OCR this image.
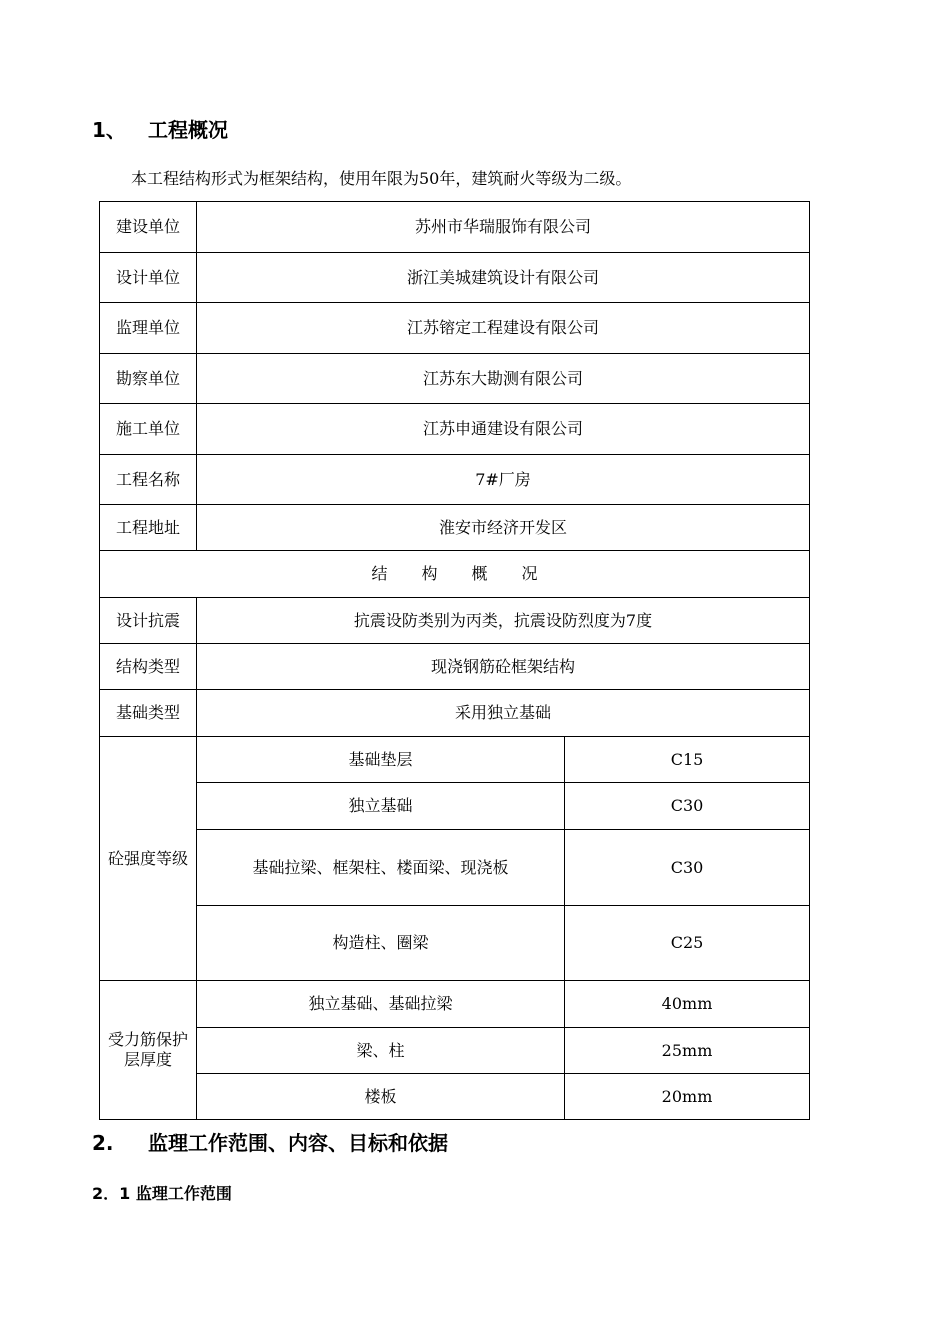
1、 工程概况
本工程结构形式为框架结构，使用年限为50年，建筑耐火等级为二级。
建设单位	苏州市华瑞服饰有限公司	
设计单位	浙江美城建筑设计有限公司	
监理单位	江苏镕定工程建设有限公司	
勘察单位	江苏东大勘测有限公司	
施工单位	江苏申通建设有限公司	
工程名称	7#厂房	
工程地址	淮安市经济开发区	
结构概况		
设计抗震	抗震设防类别为丙类，抗震设防烈度为7度	
结构类型	现浇钢筋砼框架结构	
基础类型	采用独立基础	
砼强度等级	基础垫层	C15
	独立基础	C30
	基础拉梁、框架柱、楼面梁、现浇板	C30
	构造柱、圈梁	C25
受力筋保护层厚度	独立基础、基础拉梁	40mm
	梁、柱	25mm
	楼板	20mm
2. 监理工作范围、内容、目标和依据
2．1 监理工作范围
